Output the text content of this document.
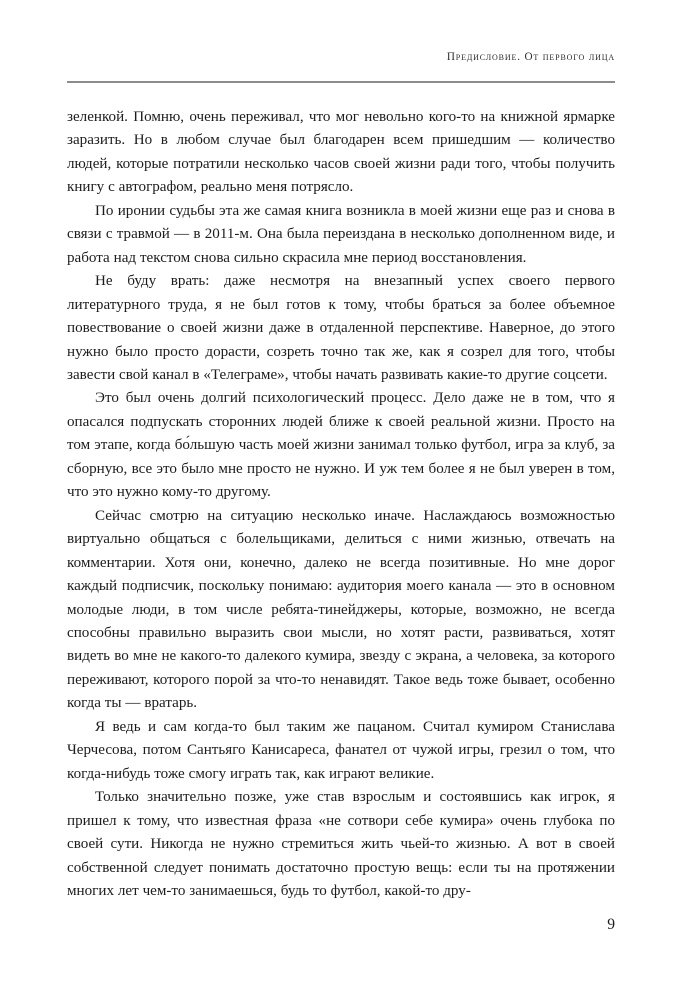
Предисловие. От первого лица

зеленкой. Помню, очень переживал, что мог невольно кого-то на книжной ярмарке заразить. Но в любом случае был благодарен всем пришедшим — количество людей, которые потратили несколько часов своей жизни ради того, чтобы получить книгу с автографом, реально меня потрясло.

По иронии судьбы эта же самая книга возникла в моей жизни еще раз и снова в связи с травмой — в 2011-м. Она была переиздана в несколько дополненном виде, и работа над текстом снова сильно скрасила мне период восстановления.

Не буду врать: даже несмотря на внезапный успех своего первого литературного труда, я не был готов к тому, чтобы браться за более объемное повествование о своей жизни даже в отдаленной перспективе. Наверное, до этого нужно было просто дорасти, созреть точно так же, как я созрел для того, чтобы завести свой канал в «Телеграме», чтобы начать развивать какие-то другие соцсети.

Это был очень долгий психологический процесс. Дело даже не в том, что я опасался подпускать сторонних людей ближе к своей реальной жизни. Просто на том этапе, когда бо́льшую часть моей жизни занимал только футбол, игра за клуб, за сборную, все это было мне просто не нужно. И уж тем более я не был уверен в том, что это нужно кому-то другому.

Сейчас смотрю на ситуацию несколько иначе. Наслаждаюсь возможностью виртуально общаться с болельщиками, делиться с ними жизнью, отвечать на комментарии. Хотя они, конечно, далеко не всегда позитивные. Но мне дорог каждый подписчик, поскольку понимаю: аудитория моего канала — это в основном молодые люди, в том числе ребята-тинейджеры, которые, возможно, не всегда способны правильно выразить свои мысли, но хотят расти, развиваться, хотят видеть во мне не какого-то далекого кумира, звезду с экрана, а человека, за которого переживают, которого порой за что-то ненавидят. Такое ведь тоже бывает, особенно когда ты — вратарь.

Я ведь и сам когда-то был таким же пацаном. Считал кумиром Станислава Черчесова, потом Сантьяго Канисареса, фанател от чужой игры, грезил о том, что когда-нибудь тоже смогу играть так, как играют великие.

Только значительно позже, уже став взрослым и состоявшись как игрок, я пришел к тому, что известная фраза «не сотвори себе кумира» очень глубока по своей сути. Никогда не нужно стремиться жить чьей-то жизнью. А вот в своей собственной следует понимать достаточно простую вещь: если ты на протяжении многих лет чем-то занимаешься, будь то футбол, какой-то дру-

9
